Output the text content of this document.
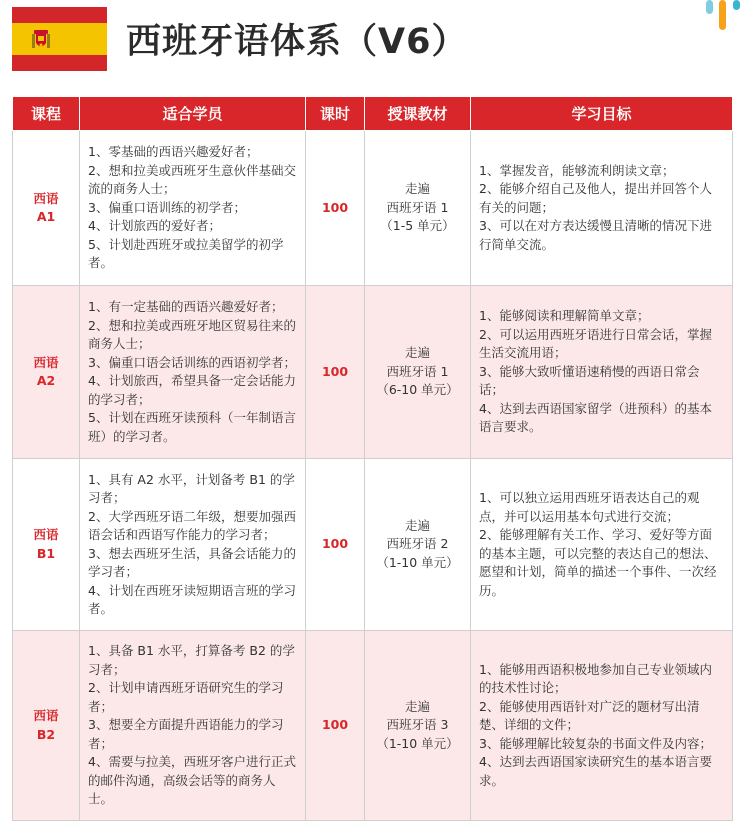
西班牙语体系（V6）
课程	适合学员	课时	授课教材	学习目标

西语
A1	1、零基础的西语兴趣爱好者；
2、想和拉美或西班牙生意伙伴基础交流的商务人士；
3、偏重口语训练的初学者；
4、计划旅西的爱好者；
5、计划赴西班牙或拉美留学的初学者。	100	走遍
西班牙语 1
（1-5 单元）	1、掌握发音，能够流利朗读文章；
2、能够介绍自己及他人，提出并回答个人有关的问题；
3、可以在对方表达缓慢且清晰的情况下进行简单交流。

西语
A2	1、有一定基础的西语兴趣爱好者；
2、想和拉美或西班牙地区贸易往来的商务人士；
3、偏重口语会话训练的西语初学者；
4、计划旅西，希望具备一定会话能力的学习者；
5、计划在西班牙读预科（一年制语言班）的学习者。	100	走遍
西班牙语 1
（6-10 单元）	1、能够阅读和理解简单文章；
2、可以运用西班牙语进行日常会话，掌握生活交流用语；
3、能够大致听懂语速稍慢的西语日常会话；
4、达到去西语国家留学（进预科）的基本语言要求。

西语
B1	1、具有 A2 水平，计划备考 B1 的学习者；
2、大学西班牙语二年级，想要加强西语会话和西语写作能力的学习者；
3、想去西班牙生活，具备会话能力的学习者；
4、计划在西班牙读短期语言班的学习者。	100	走遍
西班牙语 2
（1-10 单元）	1、可以独立运用西班牙语表达自己的观点，并可以运用基本句式进行交流；
2、能够理解有关工作、学习、爱好等方面的基本主题，可以完整的表达自己的想法、愿望和计划，简单的描述一个事件、一次经历。

西语
B2	1、具备 B1 水平，打算备考 B2 的学习者；
2、计划申请西班牙语研究生的学习者；
3、想要全方面提升西语能力的学习者；
4、需要与拉美，西班牙客户进行正式的邮件沟通，高级会话等的商务人士。	100	走遍
西班牙语 3
（1-10 单元）	1、能够用西语积极地参加自己专业领域内的技术性讨论；
2、能够使用西语针对广泛的题材写出清楚、详细的文件；
3、能够理解比较复杂的书面文件及内容；
4、达到去西语国家读研究生的基本语言要求。
